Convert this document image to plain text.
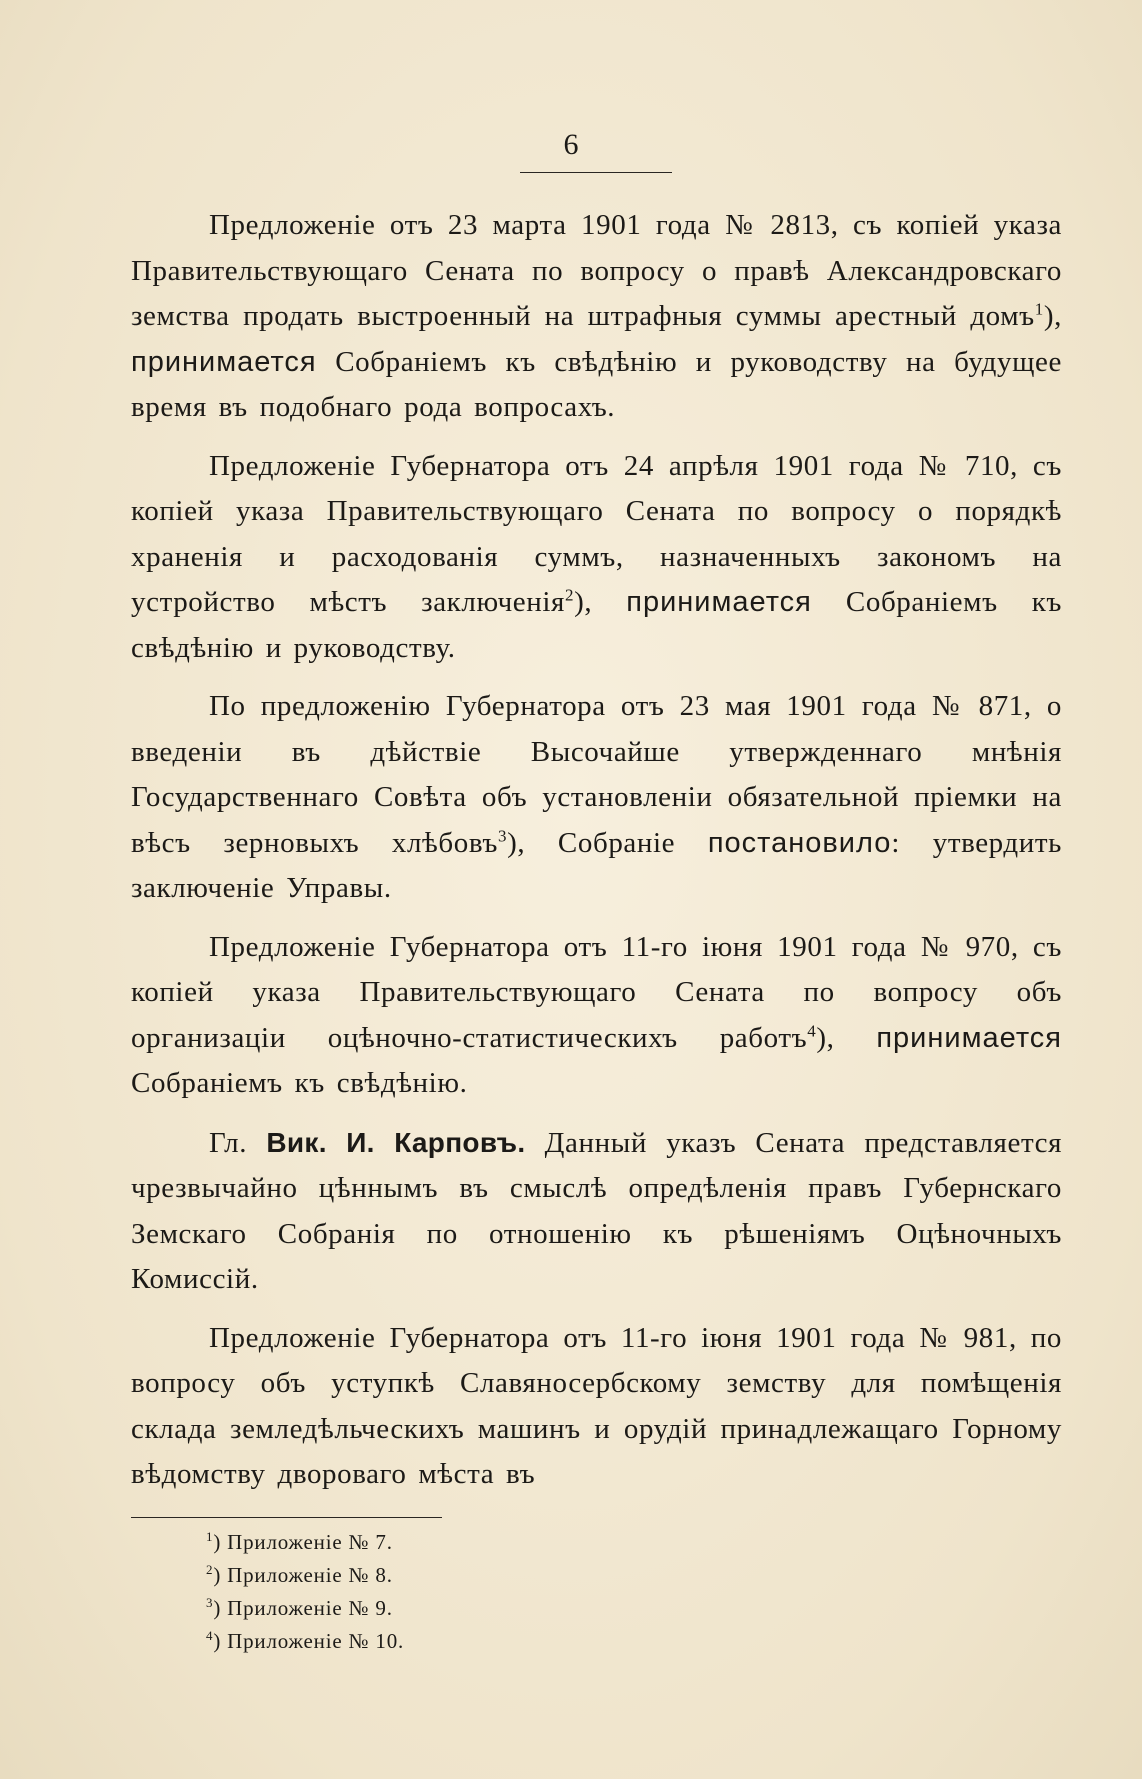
6

Предложеніе отъ 23 марта 1901 года № 2813, съ копіей указа Правительствующаго Сената по вопросу о правѣ Александровскаго земства продать выстроенный на штрафныя суммы арестный домъ$^1$), принимается Собраніемъ къ свѣдѣнію и руководству на будущее время въ подобнаго рода вопросахъ.

Предложеніе Губернатора отъ 24 апрѣля 1901 года № 710, съ копіей указа Правительствующаго Сената по вопросу о порядкѣ храненія и расходованія суммъ, назначенныхъ закономъ на устройство мѣстъ заключенія$^2$), принимается Собраніемъ къ свѣдѣнію и руководству.

По предложенію Губернатора отъ 23 мая 1901 года № 871, о введеніи въ дѣйствіе Высочайше утвержденнаго мнѣнія Государственнаго Совѣта объ установленіи обязательной пріемки на вѣсъ зерновыхъ хлѣбовъ$^3$), Собраніе постановило: утвердить заключеніе Управы.

Предложеніе Губернатора отъ 11-го іюня 1901 года № 970, съ копіей указа Правительствующаго Сената по вопросу объ организаціи оцѣночно-статистическихъ работъ$^4$), принимается Собраніемъ къ свѣдѣнію.

Гл. Вик. И. Карповъ. Данный указъ Сената представляется чрезвычайно цѣннымъ въ смыслѣ опредѣленія правъ Губернскаго Земскаго Собранія по отношенію къ рѣшеніямъ Оцѣночныхъ Комиссій.

Предложеніе Губернатора отъ 11-го іюня 1901 года № 981, по вопросу объ уступкѣ Славяносербскому земству для помѣщенія склада земледѣльческихъ машинъ и орудій принадлежащаго Горному вѣдомству двороваго мѣста въ

$^1$) Приложеніе № 7.
$^2$) Приложеніе № 8.
$^3$) Приложеніе № 9.
$^4$) Приложеніе № 10.
